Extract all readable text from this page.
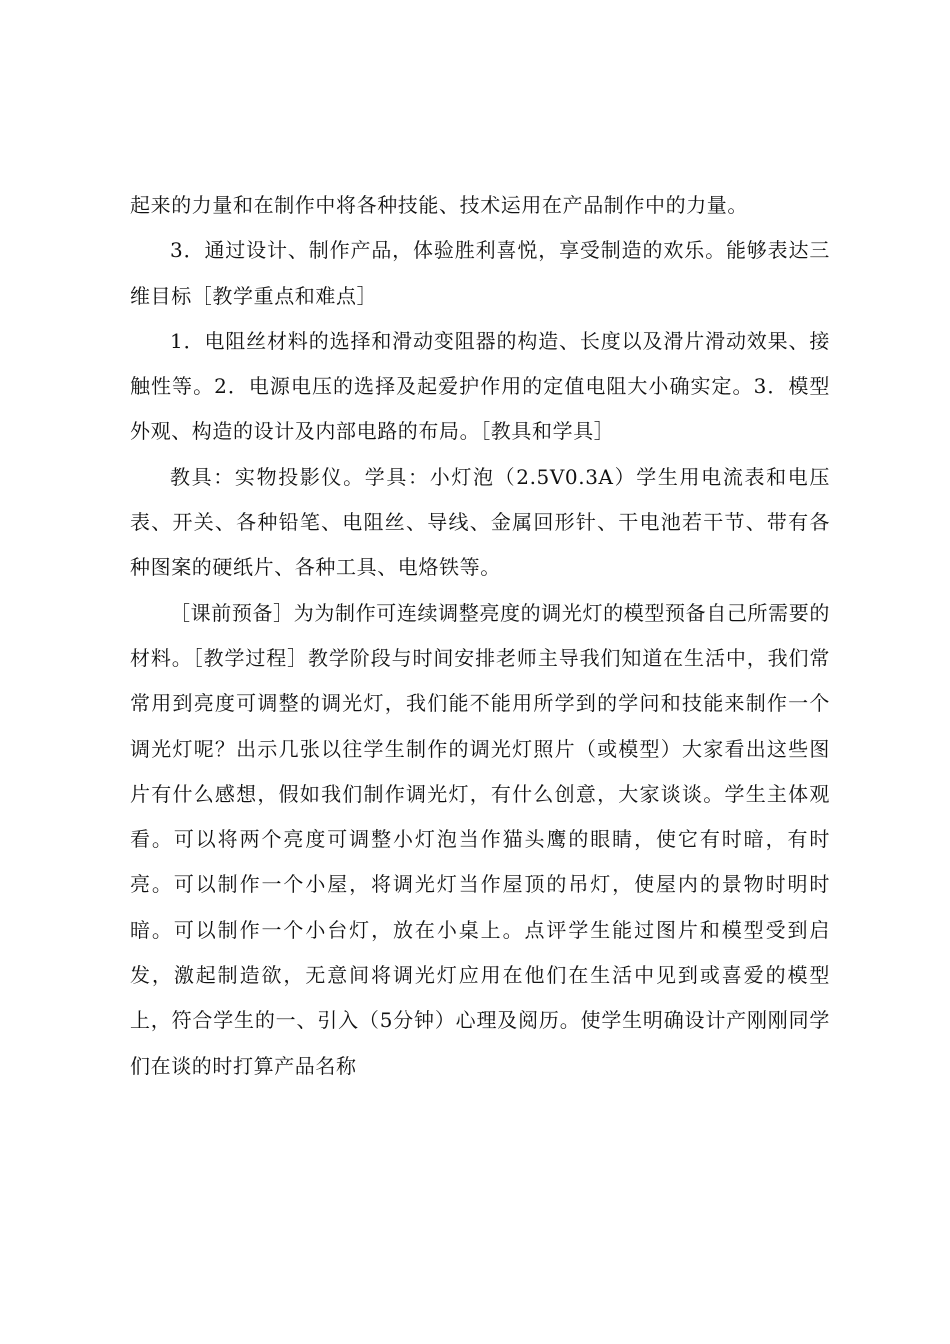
起来的力量和在制作中将各种技能、技术运用在产品制作中的力量。

3．通过设计、制作产品，体验胜利喜悦，享受制造的欢乐。能够表达三维目标［教学重点和难点］

1．电阻丝材料的选择和滑动变阻器的构造、长度以及滑片滑动效果、接触性等。2．电源电压的选择及起爱护作用的定值电阻大小确实定。3．模型外观、构造的设计及内部电路的布局。［教具和学具］

教具：实物投影仪。学具：小灯泡（2.5V0.3A）学生用电流表和电压表、开关、各种铅笔、电阻丝、导线、金属回形针、干电池若干节、带有各种图案的硬纸片、各种工具、电烙铁等。

［课前预备］为为制作可连续调整亮度的调光灯的模型预备自己所需要的材料。［教学过程］教学阶段与时间安排老师主导我们知道在生活中，我们常常用到亮度可调整的调光灯，我们能不能用所学到的学问和技能来制作一个调光灯呢？出示几张以往学生制作的调光灯照片（或模型）大家看出这些图片有什么感想，假如我们制作调光灯，有什么创意，大家谈谈。学生主体观看。可以将两个亮度可调整小灯泡当作猫头鹰的眼睛，使它有时暗，有时亮。可以制作一个小屋，将调光灯当作屋顶的吊灯，使屋内的景物时明时暗。可以制作一个小台灯，放在小桌上。点评学生能过图片和模型受到启发，激起制造欲，无意间将调光灯应用在他们在生活中见到或喜爱的模型上，符合学生的一、引入（5分钟）心理及阅历。使学生明确设计产刚刚同学们在谈的时打算产品名称
